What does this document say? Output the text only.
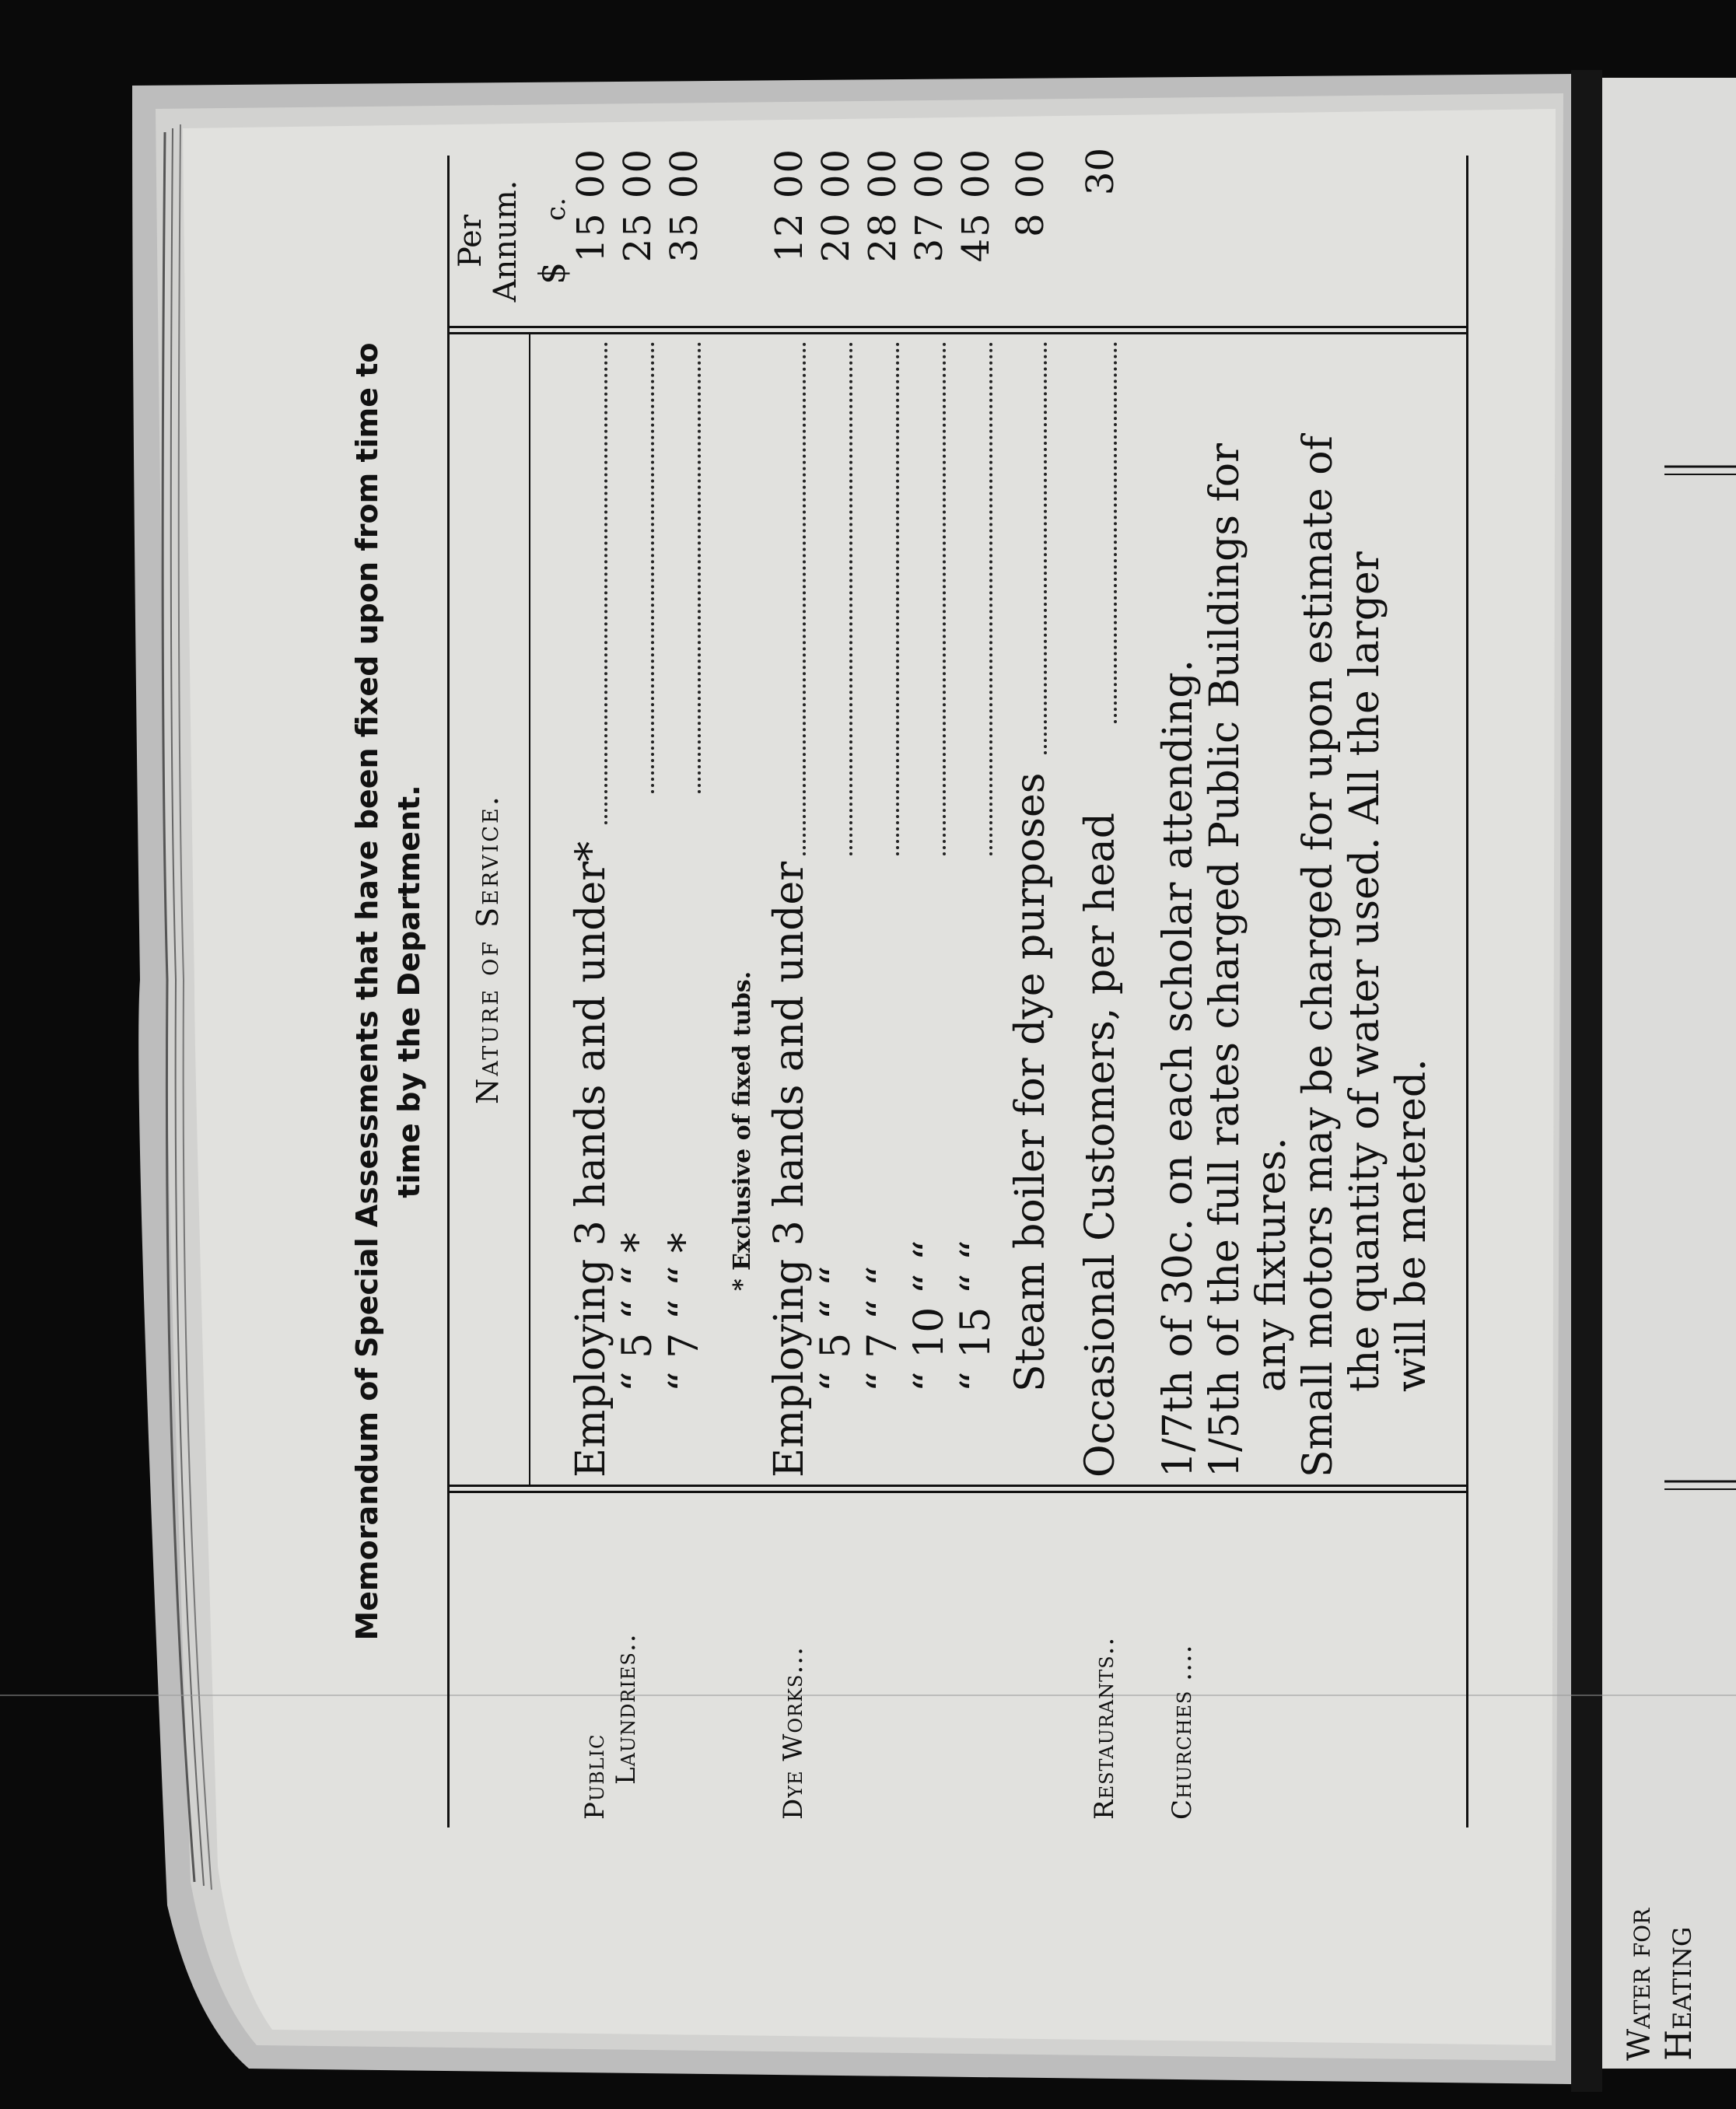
Water for Heating
Memorandum of Special Assessments that have been fixed upon from time to time by the Department. Nature of Service.
Per Annum. $ c.
Public Laundries..
Employing 3 hands and under*
15 00
“ 5 “ “ *
25 00
“ 7 “ “ *
35 00
* Exclusive of fixed tubs.
Dye Works...
Employing 3 hands and under
12 00
“ 5 “ “
20 00
“ 7 “ “
28 00
“ 10 “ “
37 00
“ 15 “ “
45 00
Steam boiler for dye purposes
8 00
Restaurants..
Occasional Customers, per head
30
Churches ....
1/7th of 30c. on each scholar attending. 1/5th of the full rates charged Public Buildings for any fixtures. Small motors may be charged for upon estimate of the quantity of water used. All the larger will be metered.
